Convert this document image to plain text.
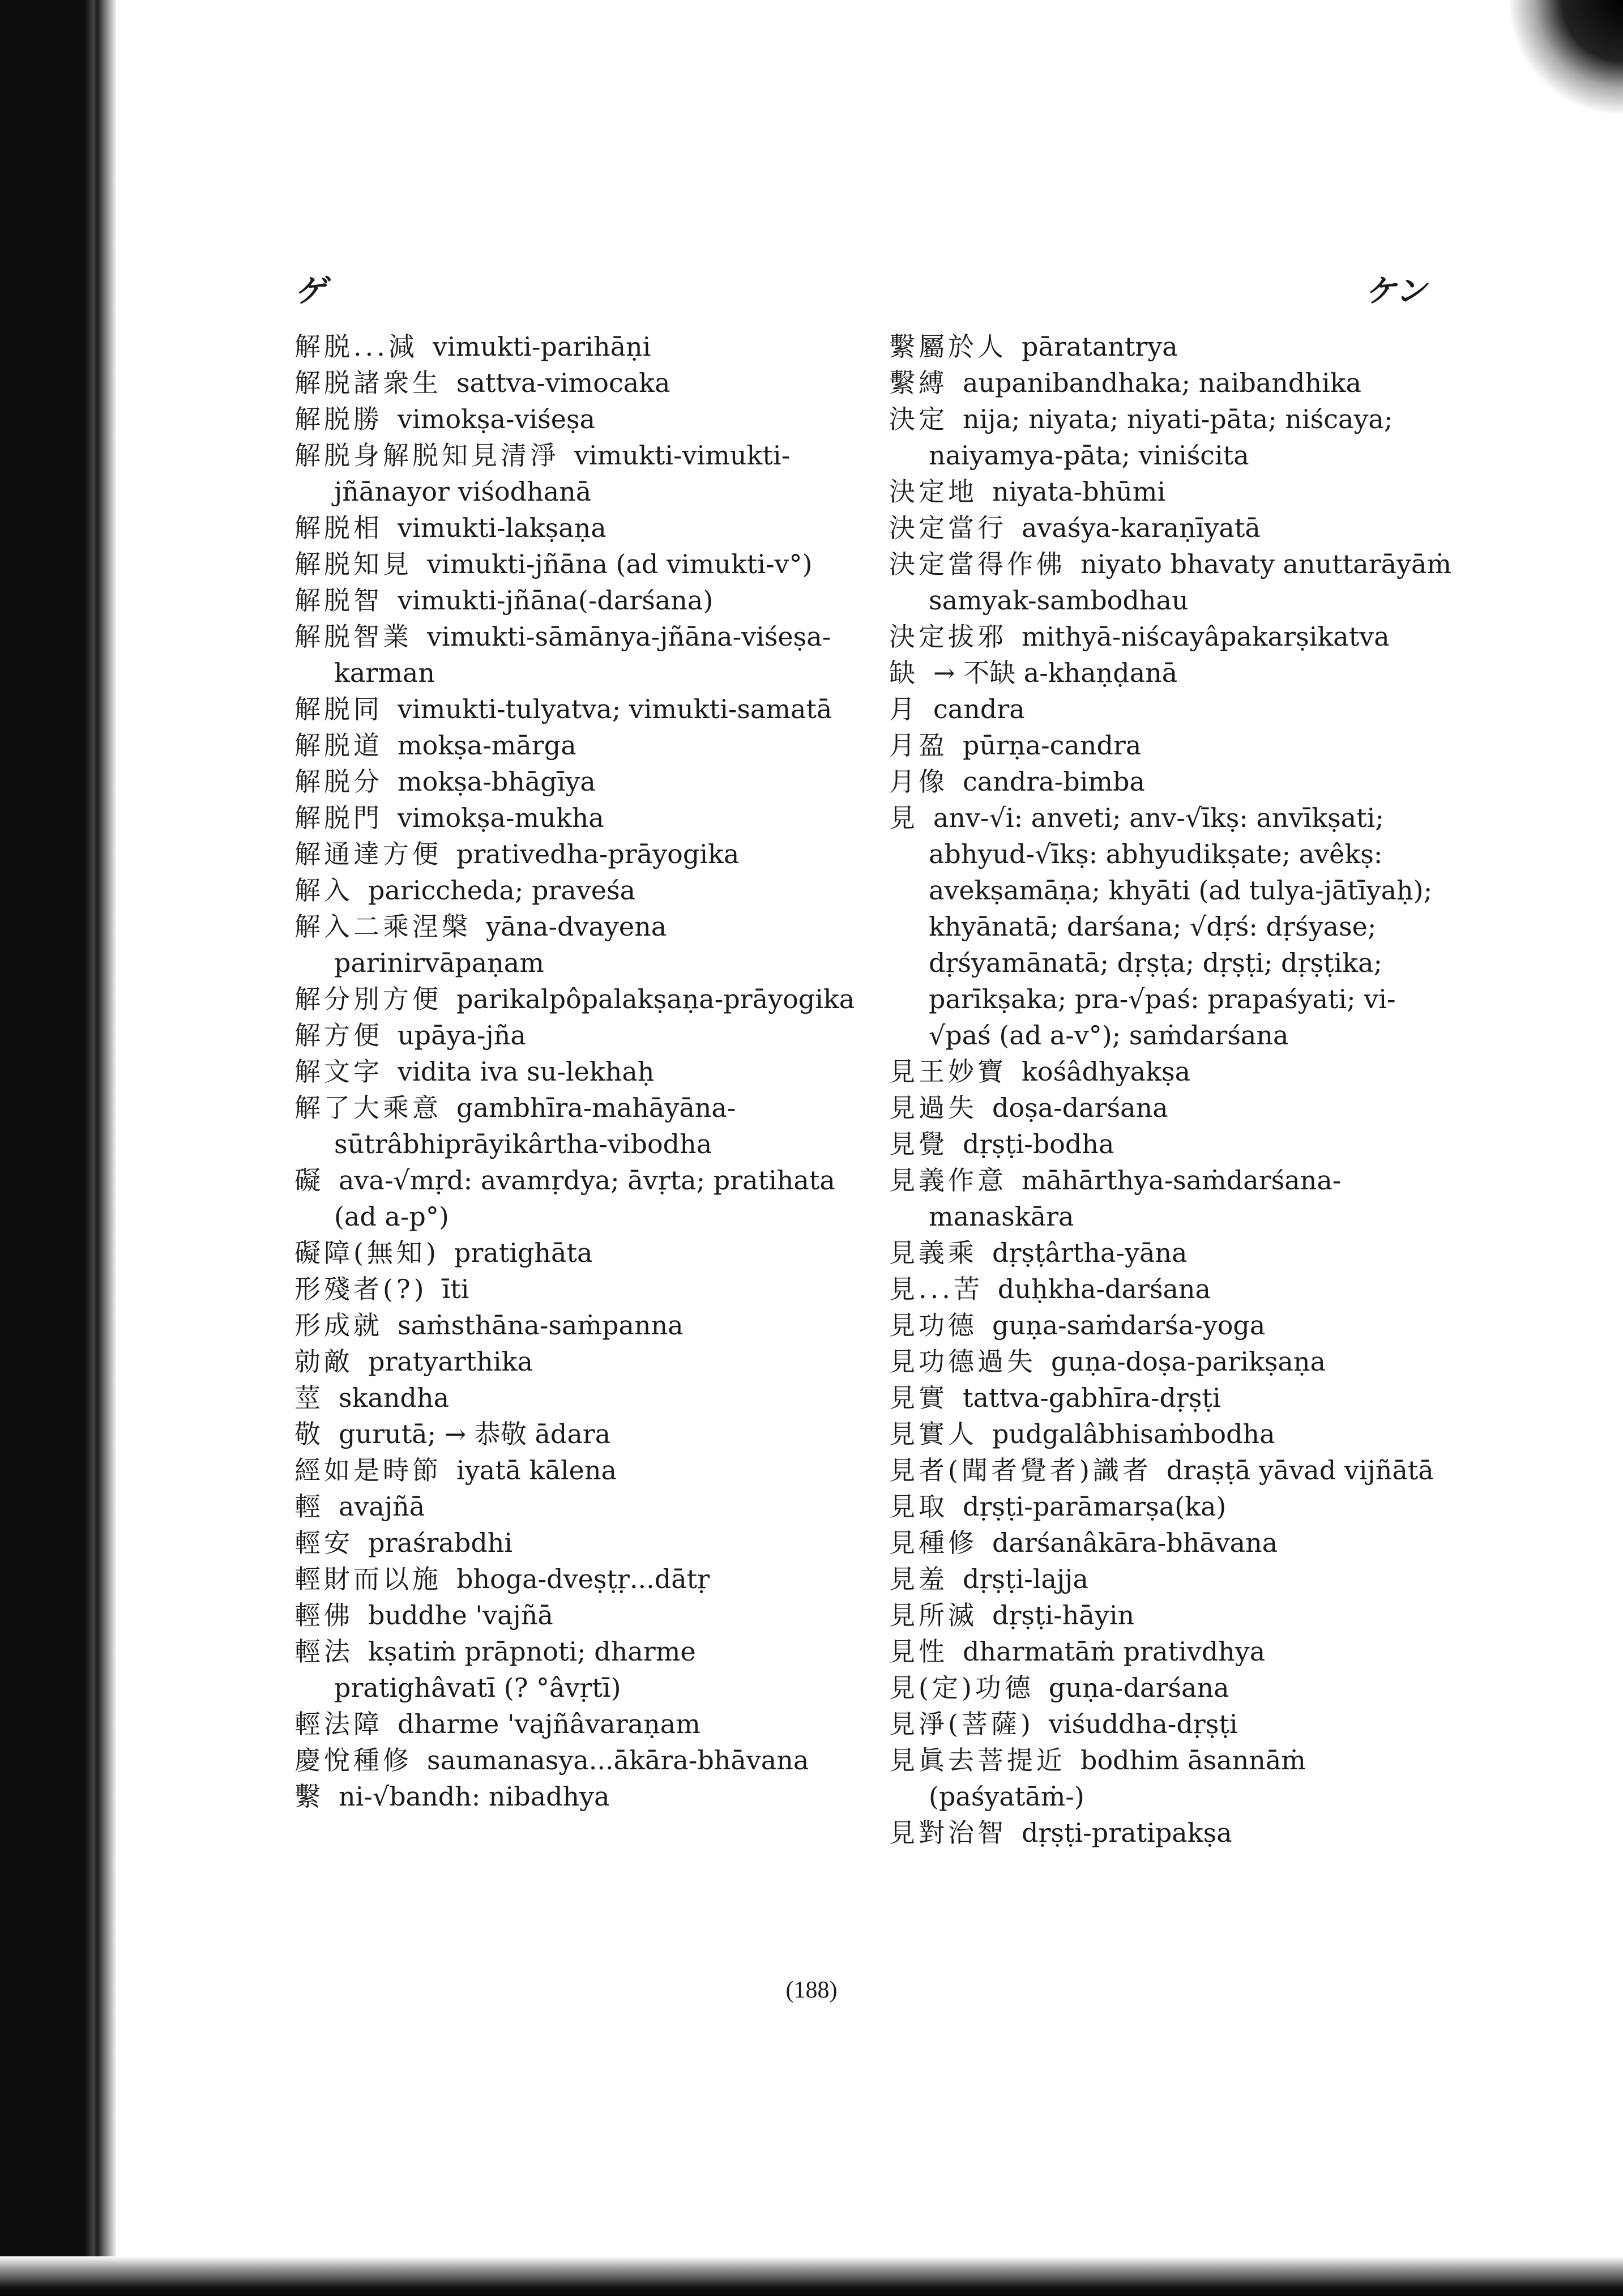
ゲ	ケン
解脱...減 vimukti-parihāṇi
解脱諸衆生 sattva-vimocaka
解脱勝 vimokṣa-viśeṣa
解脱身解脱知見清淨 vimukti-vimukti-jñānayor viśodhanā
解脱相 vimukti-lakṣaṇa
解脱知見 vimukti-jñāna (ad vimukti-v°)
解脱智 vimukti-jñāna(-darśana)
解脱智業 vimukti-sāmānya-jñāna-viśeṣa-karman
解脱同 vimukti-tulyatva; vimukti-samatā
解脱道 mokṣa-mārga
解脱分 mokṣa-bhāgīya
解脱門 vimokṣa-mukha
解通達方便 prativedha-prāyogika
解入 pariccheda; praveśa
解入二乘涅槃 yāna-dvayena parinirvāpaṇam
解分別方便 parikalpôpalakṣaṇa-prāyogika
解方便 upāya-jña
解文字 vidita iva su-lekhaḥ
解了大乘意 gambhīra-mahāyāna-sūtrâbhiprāyikârtha-vibodha
礙 ava-√mṛd: avamṛdya; āvṛta; pratihata (ad a-p°)
礙障(無知) pratighāta
形殘者(?) īti
形成就 saṁsthāna-saṁpanna
勍敵 pratyarthika
莖 skandha
敬 gurutā; → 恭敬 ādara
經如是時節 iyatā kālena
輕 avajñā
輕安 praśrabdhi
輕財而以施 bhoga-dveṣṭṛ...dātṛ
輕佛 buddhe 'vajñā
輕法 kṣatiṁ prāpnoti; dharme pratighâvatī (? °âvṛtī)
輕法障 dharme 'vajñâvaraṇam
慶悅種修 saumanasya...ākāra-bhāvana
繫 ni-√bandh: nibadhya
繫屬於人 pāratantrya
繫縛 aupanibandhaka; naibandhika
決定 nija; niyata; niyati-pāta; niścaya; naiyamya-pāta; viniścita
決定地 niyata-bhūmi
決定當行 avaśya-karaṇīyatā
決定當得作佛 niyato bhavaty anuttarāyāṁ samyak-sambodhau
決定拔邪 mithyā-niścayâpakarṣikatva
缺 → 不缺 a-khaṇḍanā
月 candra
月盈 pūrṇa-candra
月像 candra-bimba
見 anv-√i: anveti; anv-√īkṣ: anvīkṣati; abhyud-√īkṣ: abhyudikṣate; avêkṣ: avekṣamāṇa; khyāti (ad tulya-jātīyaḥ); khyānatā; darśana; √dṛś: dṛśyase; dṛśyamānatā; dṛṣṭa; dṛṣṭi; dṛṣṭika; parīkṣaka; pra-√paś: prapaśyati; vi-√paś (ad a-v°); saṁdarśana
見王妙寶 kośâdhyakṣa
見過失 doṣa-darśana
見覺 dṛṣṭi-bodha
見義作意 māhārthya-saṁdarśana-manaskāra
見義乘 dṛṣṭârtha-yāna
見...苦 duḥkha-darśana
見功德 guṇa-saṁdarśa-yoga
見功德過失 guṇa-doṣa-parikṣaṇa
見實 tattva-gabhīra-dṛṣṭi
見實人 pudgalâbhisaṁbodha
見者(聞者覺者)識者 draṣṭā yāvad vijñātā
見取 dṛṣṭi-parāmarṣa(ka)
見種修 darśanâkāra-bhāvana
見羞 dṛṣṭi-lajja
見所滅 dṛṣṭi-hāyin
見性 dharmatāṁ prativdhya
見(定)功德 guṇa-darśana
見淨(菩薩) viśuddha-dṛṣṭi
見眞去菩提近 bodhim āsannāṁ (paśyatāṁ-)
見對治智 dṛṣṭi-pratipakṣa
(188)
